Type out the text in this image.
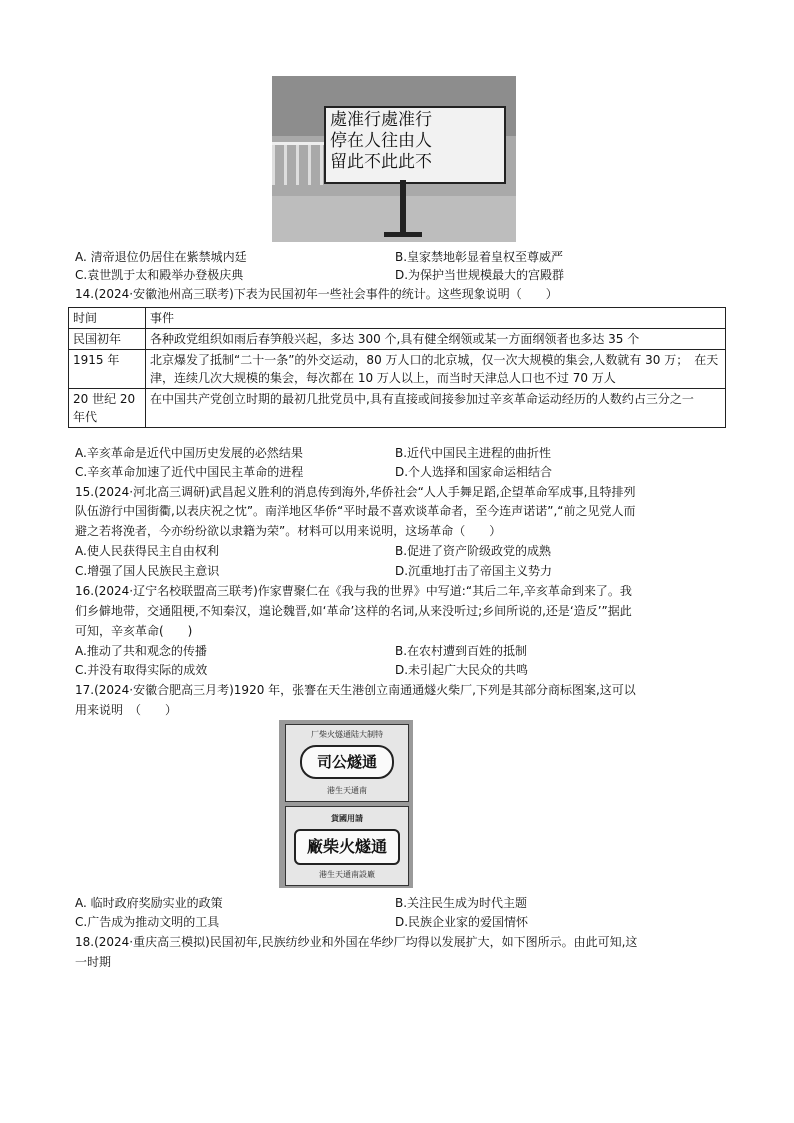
處准行處准行
停在人往由人
留此不此此不
A. 清帝退位仍居住在紫禁城内廷	B.皇家禁地彰显着皇权至尊威严
C.袁世凯于太和殿举办登极庆典	D.为保护当世规模最大的宫殿群
14.(2024·安徽池州高三联考)下表为民国初年一些社会事件的统计。这些现象说明（　　）
时间	事件
民国初年	各种政党组织如雨后春笋般兴起，多达 300 个,具有健全纲领或某一方面纲领者也多达 35 个
1915 年	北京爆发了抵制“二十一条”的外交运动，80 万人口的北京城，仅一次大规模的集会,人数就有 30 万；　在天津，连续几次大规模的集会，每次都在 10 万人以上，而当时天津总人口也不过 70 万人
20 世纪 20年代	在中国共产党创立时期的最初几批党员中,具有直接或间接参加过辛亥革命运动经历的人数约占三分之一
A.辛亥革命是近代中国历史发展的必然结果	B.近代中国民主进程的曲折性
C.辛亥革命加速了近代中国民主革命的进程	D.个人选择和国家命运相结合
15.(2024·河北高三调研)武昌起义胜利的消息传到海外,华侨社会“人人手舞足蹈,企望革命军成事,且特排列
队伍游行中国街衢,以表庆祝之忱”。南洋地区华侨“平时最不喜欢谈革命者，至今连声诺诺”,“前之见党人而
避之若将浼者，今亦纷纷欲以隶籍为荣”。材料可以用来说明，这场革命（　　）
A.使人民获得民主自由权利	B.促进了资产阶级政党的成熟
C.增强了国人民族民主意识	D.沉重地打击了帝国主义势力
16.(2024·辽宁名校联盟高三联考)作家曹聚仁在《我与我的世界》中写道:“其后二年,辛亥革命到来了。我
们乡僻地带，交通阻梗,不知秦汉，遑论魏晋,如‘革命’这样的名词,从来没听过;乡间所说的,还是‘造反’”据此
可知，辛亥革命(　　)
A.推动了共和观念的传播	B.在农村遭到百姓的抵制
C.并没有取得实际的成效	D.未引起广大民众的共鸣
17.(2024·安徽合肥高三月考)1920 年，张謇在天生港创立南通通燧火柴厂,下列是其部分商标图案,这可以
用来说明　（　　）
厂柴火燧通陆大制特
司公燧通
港生天通南
貨國用請
廠柴火燧通
港生天通南設廠
A. 临时政府奖励实业的政策	B.关注民生成为时代主题
C.广告成为推动文明的工具	D.民族企业家的爱国情怀
18.(2024·重庆高三模拟)民国初年,民族纺纱业和外国在华纱厂均得以发展扩大，如下图所示。由此可知,这
一时期
